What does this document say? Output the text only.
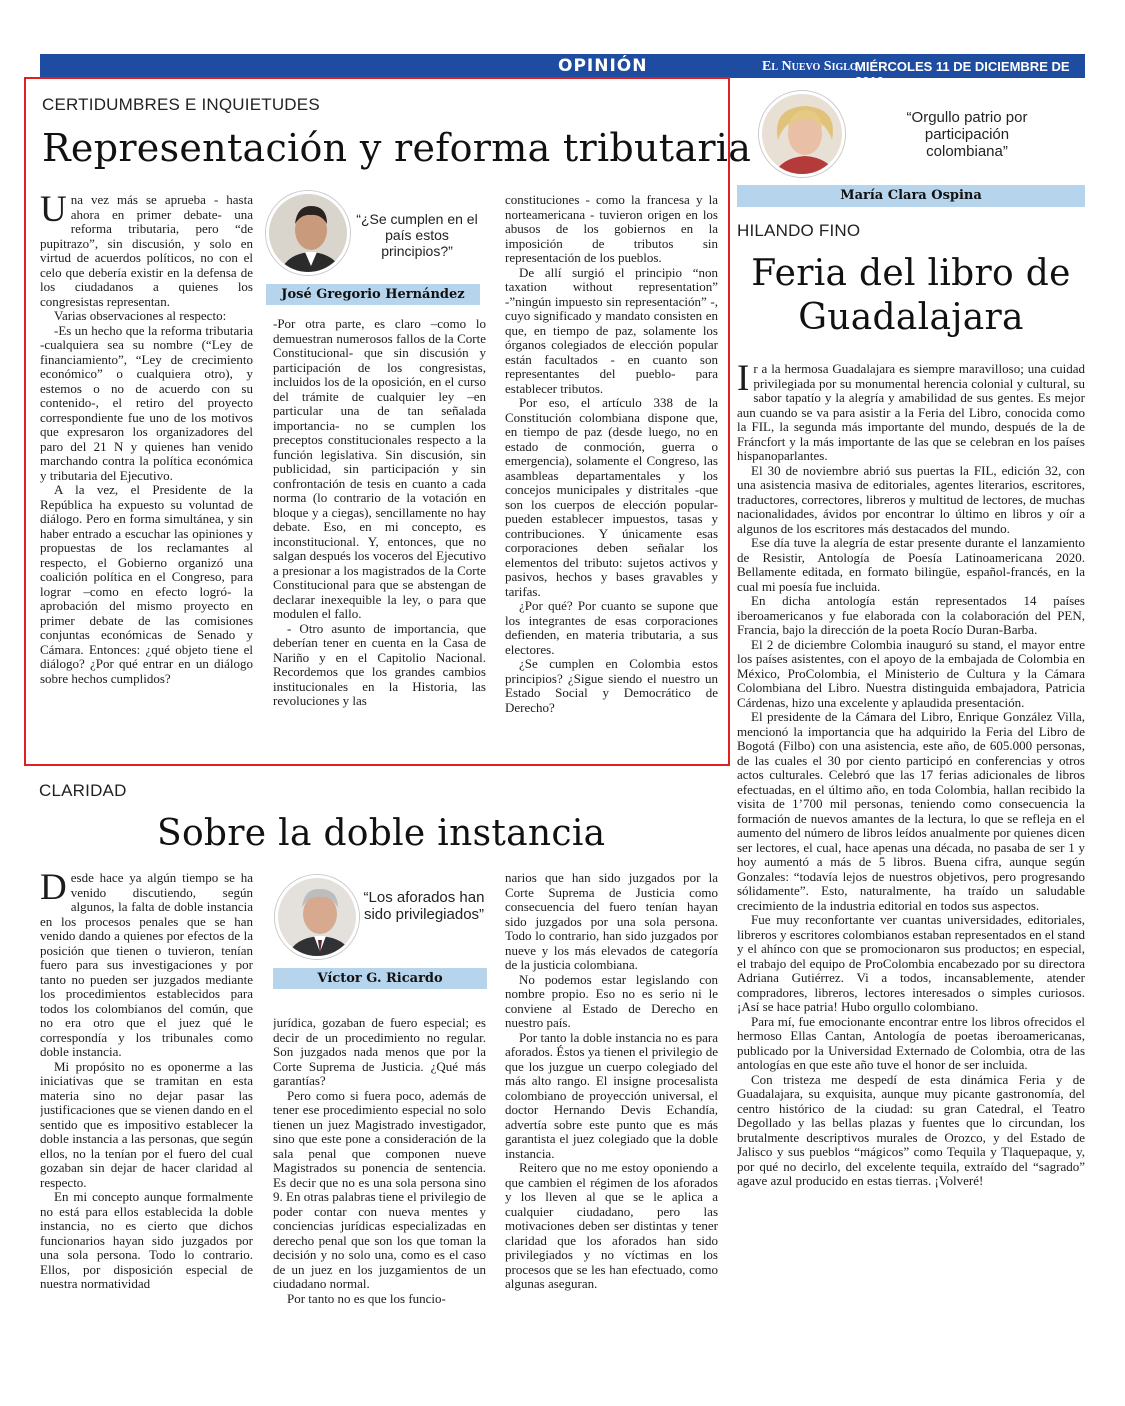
OPINIÓN	El Nuevo Siglo
MIÉRCOLES 11 DE DICIEMBRE DE 2019
9A
CERTIDUMBRES E INQUIETUDES
Representación y reforma tributaria

Una vez más se aprueba - hasta ahora en primer debate- una reforma tributaria, pero “de pupitrazo”, sin discusión, y solo en virtud de acuerdos políticos, no con el celo que debería existir en la defensa de los ciudadanos a quienes los congresistas representan.

Varias observaciones al respecto:

-Es un hecho que la reforma tributaria -cualquiera sea su nombre (“Ley de financiamiento”, “Ley de crecimiento económico” o cualquiera otro), y estemos o no de acuerdo con su contenido-, el retiro del proyecto correspondiente fue uno de los motivos que expresaron los organizadores del paro del 21 N y quienes han venido marchando contra la política económica y tributaria del Ejecutivo.

A la vez, el Presidente de la República ha expuesto su voluntad de diálogo. Pero en forma simultánea, y sin haber entrado a escuchar las opiniones y propuestas de los reclamantes al respecto, el Gobierno organizó una coalición política en el Congreso, para lograr –como en efecto logró- la aprobación del mismo proyecto en primer debate de las comisiones conjuntas económicas de Senado y Cámara. Entonces: ¿qué objeto tiene el diálogo? ¿Por qué entrar en un diálogo sobre hechos cumplidos?

“¿Se cumplen en el país estos principios?”
José Gregorio Hernández

-Por otra parte, es claro –como lo demuestran numerosos fallos de la Corte Constitucional- que sin discusión y participación de los congresistas, incluidos los de la oposición, en el curso del trámite de cualquier ley –en particular una de tan señalada importancia- no se cumplen los preceptos constitucionales respecto a la función legislativa. Sin discusión, sin publicidad, sin participación y sin confrontación de tesis en cuanto a cada norma (lo contrario de la votación en bloque y a ciegas), sencillamente no hay debate. Eso, en mi concepto, es inconstitucional. Y, entonces, que no salgan después los voceros del Ejecutivo a presionar a los magistrados de la Corte Constitucional para que se abstengan de declarar inexequible la ley, o para que modulen el fallo.

- Otro asunto de importancia, que deberían tener en cuenta en la Casa de Nariño y en el Capitolio Nacional. Recordemos que los grandes cambios institucionales en la Historia, las revoluciones y las

constituciones - como la francesa y la norteamericana - tuvieron origen en los abusos de los gobiernos en la imposición de tributos sin representación de los pueblos.

De allí surgió el principio “non taxation without representation” -”ningún impuesto sin representación” -, cuyo significado y mandato consisten en que, en tiempo de paz, solamente los órganos colegiados de elección popular están facultados - en cuanto son representantes del pueblo- para establecer tributos.

Por eso, el artículo 338 de la Constitución colombiana dispone que, en tiempo de paz (desde luego, no en estado de conmoción, guerra o emergencia), solamente el Congreso, las asambleas departamentales y los concejos municipales y distritales -que son los cuerpos de elección popular- pueden establecer impuestos, tasas y contribuciones. Y únicamente esas corporaciones deben señalar los elementos del tributo: sujetos activos y pasivos, hechos y bases gravables y tarifas.

¿Por qué? Por cuanto se supone que los integrantes de esas corporaciones defienden, en materia tributaria, a sus electores.

¿Se cumplen en Colombia estos principios? ¿Sigue siendo el nuestro un Estado Social y Democrático de Derecho?

CLARIDAD
Sobre la doble instancia

Desde hace ya algún tiempo se ha venido discutiendo, según algunos, la falta de doble instancia en los procesos penales que se han venido dando a quienes por efectos de la posición que tienen o tuvieron, tenían fuero para sus investigaciones y por tanto no pueden ser juzgados mediante los procedimientos establecidos para todos los colombianos del común, que no era otro que el juez qué le correspondía y los tribunales como doble instancia.

Mi propósito no es oponerme a las iniciativas que se tramitan en esta materia sino no dejar pasar las justificaciones que se vienen dando en el sentido que es impositivo establecer la doble instancia a las personas, que según ellos, no la tenían por el fuero del cual gozaban sin dejar de hacer claridad al respecto.

En mi concepto aunque formalmente no está para ellos establecida la doble instancia, no es cierto que dichos funcionarios hayan sido juzgados por una sola persona. Todo lo contrario. Ellos, por disposición especial de nuestra normatividad

“Los aforados han sido privilegiados”
Víctor G. Ricardo

jurídica, gozaban de fuero especial; es decir de un procedimiento no regular. Son juzgados nada menos que por la Corte Suprema de Justicia. ¿Qué más garantías?

Pero como si fuera poco, además de tener ese procedimiento especial no solo tienen un juez Magistrado investigador, sino que este pone a consideración de la sala penal que componen nueve Magistrados su ponencia de sentencia. Es decir que no es una sola persona sino 9. En otras palabras tiene el privilegio de poder contar con nueva mentes y conciencias jurídicas especializadas en derecho penal que son los que toman la decisión y no solo una, como es el caso de un juez en los juzgamientos de un ciudadano normal.

Por tanto no es que los funcio-

narios que han sido juzgados por la Corte Suprema de Justicia como consecuencia del fuero tenían hayan sido juzgados por una sola persona. Todo lo contrario, han sido juzgados por nueve y los más elevados de categoría de la justicia colombiana.

No podemos estar legislando con nombre propio. Eso no es serio ni le conviene al Estado de Derecho en nuestro país.

Por tanto la doble instancia no es para aforados. Éstos ya tienen el privilegio de que los juzgue un cuerpo colegiado del más alto rango. El insigne procesalista colombiano de proyección universal, el doctor Hernando Devis Echandía, advertía sobre este punto que es más garantista el juez colegiado que la doble instancia.

Reitero que no me estoy oponiendo a que cambien el régimen de los aforados y los lleven al que se le aplica a cualquier ciudadano, pero las motivaciones deben ser distintas y tener claridad que los aforados han sido privilegiados y no víctimas en los procesos que se les han efectuado, como algunas aseguran.

“Orgullo patrio por participación colombiana”
María Clara Ospina
HILANDO FINO
Feria del libro de Guadalajara

Ir a la hermosa Guadalajara es siempre maravilloso; una cuidad privilegiada por su monumental herencia colonial y cultural, su sabor tapatío y la alegría y amabilidad de sus gentes. Es mejor aun cuando se va para asistir a la Feria del Libro, conocida como la FIL, la segunda más importante del mundo, después de la de Fráncfort y la más importante de las que se celebran en los países hispanoparlantes.

El 30 de noviembre abrió sus puertas la FIL, edición 32, con una asistencia masiva de editoriales, agentes literarios, escritores, traductores, correctores, libreros y multitud de lectores, de muchas nacionalidades, ávidos por encontrar lo último en libros y oír a algunos de los escritores más destacados del mundo.

Ese día tuve la alegría de estar presente durante el lanzamiento de Resistir, Antología de Poesía Latinoamericana 2020. Bellamente editada, en formato bilingüe, español-francés, en la cual mi poesía fue incluida.

En dicha antología están representados 14 países iberoamericanos y fue elaborada con la colaboración del PEN, Francia, bajo la dirección de la poeta Rocío Duran-Barba.

El 2 de diciembre Colombia inauguró su stand, el mayor entre los países asistentes, con el apoyo de la embajada de Colombia en México, ProColombia, el Ministerio de Cultura y la Cámara Colombiana del Libro. Nuestra distinguida embajadora, Patricia Cárdenas, hizo una excelente y aplaudida presentación.

El presidente de la Cámara del Libro, Enrique González Villa, mencionó la importancia que ha adquirido la Feria del Libro de Bogotá (Filbo) con una asistencia, este año, de 605.000 personas, de las cuales el 30 por ciento participó en conferencias y otros actos culturales. Celebró que las 17 ferias adicionales de libros efectuadas, en el último año, en toda Colombia, hallan recibido la visita de 1’700 mil personas, teniendo como consecuencia la formación de nuevos amantes de la lectura, lo que se refleja en el aumento del número de libros leídos anualmente por quienes dicen ser lectores, el cual, hace apenas una década, no pasaba de ser 1 y hoy aumentó a más de 5 libros. Buena cifra, aunque según Gonzales: “todavía lejos de nuestros objetivos, pero progresando sólidamente”. Esto, naturalmente, ha traído un saludable crecimiento de la industria editorial en todos sus aspectos.

Fue muy reconfortante ver cuantas universidades, editoriales, libreros y escritores colombianos estaban representados en el stand y el ahínco con que se promocionaron sus productos; en especial, el trabajo del equipo de ProColombia encabezado por su directora Adriana Gutiérrez. Vi a todos, incansablemente, atender compradores, libreros, lectores interesados o simples curiosos. ¡Así se hace patria! Hubo orgullo colombiano.

Para mí, fue emocionante encontrar entre los libros ofrecidos el hermoso Ellas Cantan, Antología de poetas iberoamericanas, publicado por la Universidad Externado de Colombia, otra de las antologías en que este año tuve el honor de ser incluida.

Con tristeza me despedí de esta dinámica Feria y de Guadalajara, su exquisita, aunque muy picante gastronomía, del centro histórico de la ciudad: su gran Catedral, el Teatro Degollado y las bellas plazas y fuentes que lo circundan, los brutalmente descriptivos murales de Orozco, y del Estado de Jalisco y sus pueblos “mágicos” como Tequila y Tlaquepaque, y, por qué no decirlo, del excelente tequila, extraído del “sagrado” agave azul producido en estas tierras. ¡Volveré!
